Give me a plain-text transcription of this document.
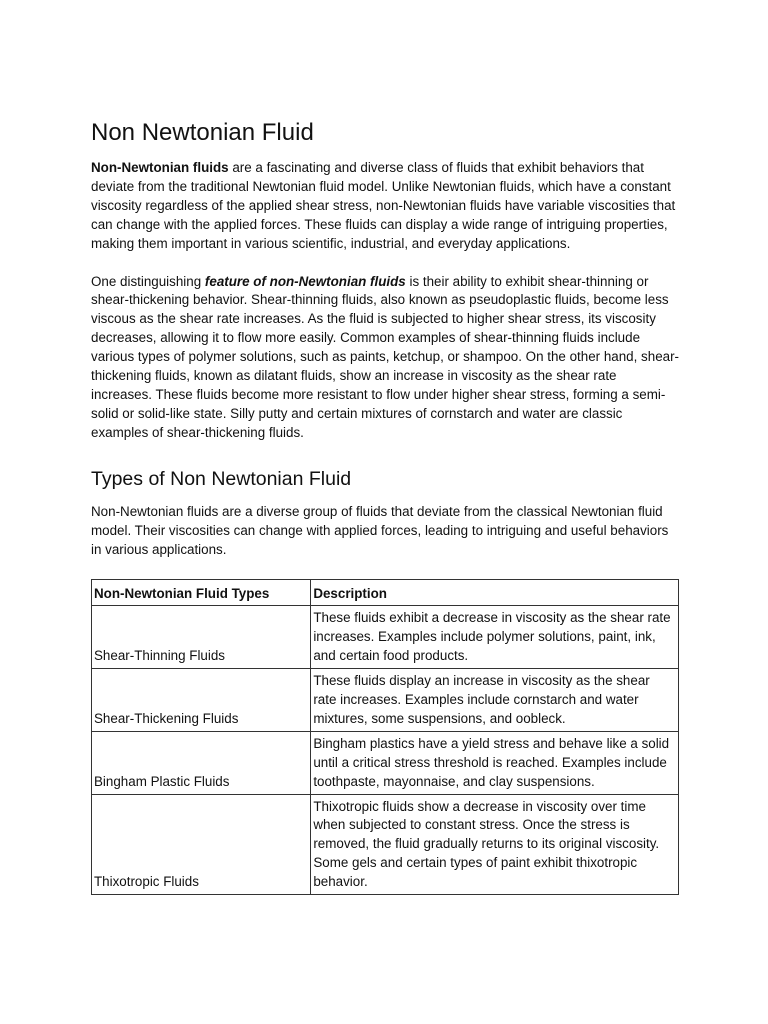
Non Newtonian Fluid

Non-Newtonian fluids are a fascinating and diverse class of fluids that exhibit behaviors that deviate from the traditional Newtonian fluid model. Unlike Newtonian fluids, which have a constant viscosity regardless of the applied shear stress, non-Newtonian fluids have variable viscosities that can change with the applied forces. These fluids can display a wide range of intriguing properties, making them important in various scientific, industrial, and everyday applications.

One distinguishing feature of non-Newtonian fluids is their ability to exhibit shear-thinning or shear-thickening behavior. Shear-thinning fluids, also known as pseudoplastic fluids, become less viscous as the shear rate increases. As the fluid is subjected to higher shear stress, its viscosity decreases, allowing it to flow more easily. Common examples of shear-thinning fluids include various types of polymer solutions, such as paints, ketchup, or shampoo. On the other hand, shear-thickening fluids, known as dilatant fluids, show an increase in viscosity as the shear rate increases. These fluids become more resistant to flow under higher shear stress, forming a semi-solid or solid-like state. Silly putty and certain mixtures of cornstarch and water are classic examples of shear-thickening fluids.

Types of Non Newtonian Fluid

Non-Newtonian fluids are a diverse group of fluids that deviate from the classical Newtonian fluid model. Their viscosities can change with applied forces, leading to intriguing and useful behaviors in various applications.

Non-Newtonian Fluid Types	Description
Shear-Thinning Fluids	These fluids exhibit a decrease in viscosity as the shear rate increases. Examples include polymer solutions, paint, ink, and certain food products.
Shear-Thickening Fluids	These fluids display an increase in viscosity as the shear rate increases. Examples include cornstarch and water mixtures, some suspensions, and oobleck.
Bingham Plastic Fluids	Bingham plastics have a yield stress and behave like a solid until a critical stress threshold is reached. Examples include toothpaste, mayonnaise, and clay suspensions.
Thixotropic Fluids	Thixotropic fluids show a decrease in viscosity over time when subjected to constant stress. Once the stress is removed, the fluid gradually returns to its original viscosity. Some gels and certain types of paint exhibit thixotropic behavior.
